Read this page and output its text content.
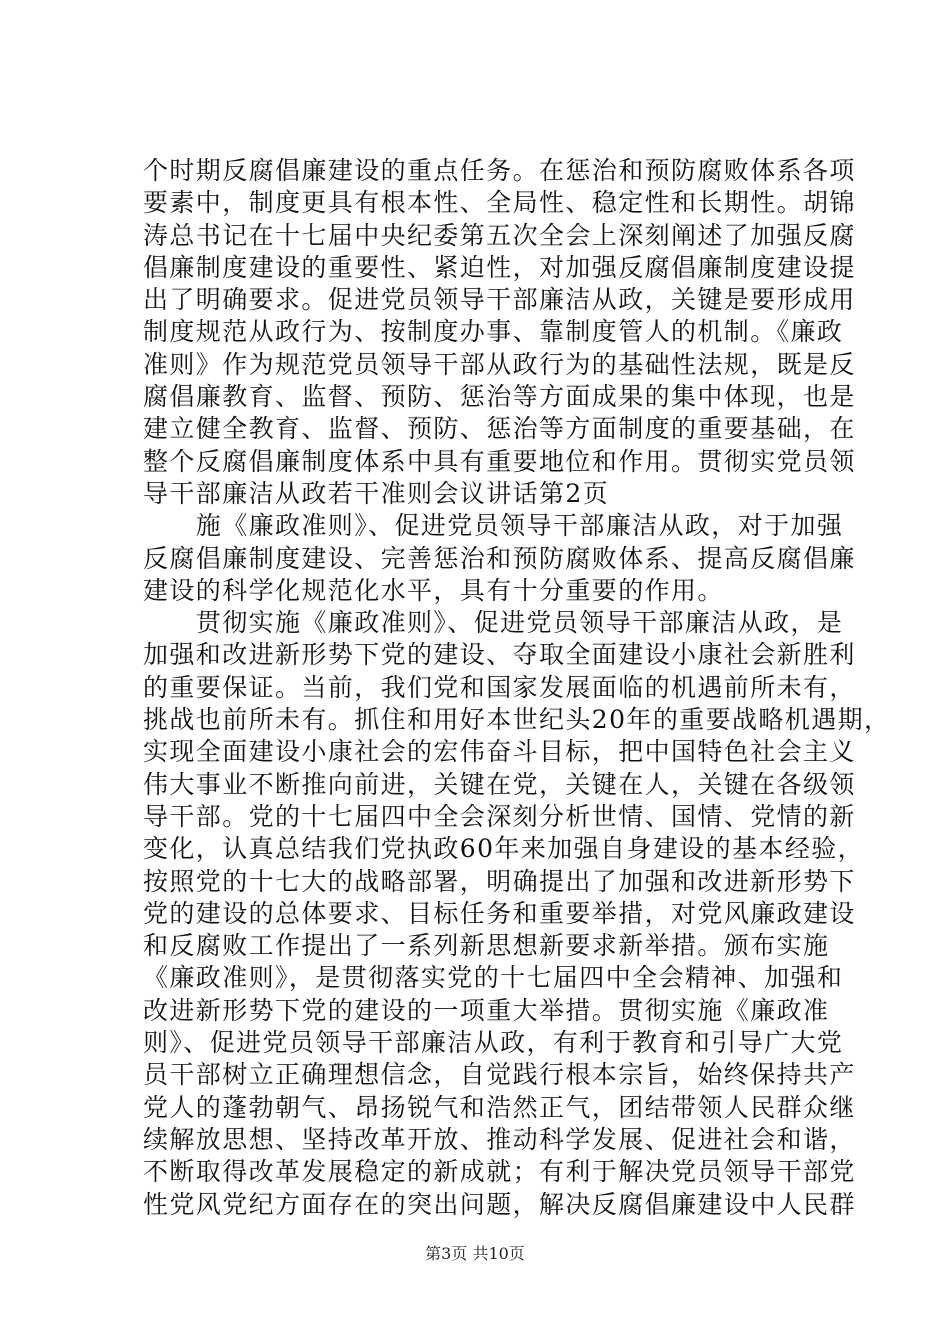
个时期反腐倡廉建设的重点任务。在惩治和预防腐败体系各项
要素中，制度更具有根本性、全局性、稳定性和长期性。胡锦
涛总书记在十七届中央纪委第五次全会上深刻阐述了加强反腐
倡廉制度建设的重要性、紧迫性，对加强反腐倡廉制度建设提
出了明确要求。促进党员领导干部廉洁从政，关键是要形成用
制度规范从政行为、按制度办事、靠制度管人的机制。《廉政
准则》作为规范党员领导干部从政行为的基础性法规，既是反
腐倡廉教育、监督、预防、惩治等方面成果的集中体现，也是
建立健全教育、监督、预防、惩治等方面制度的重要基础，在
整个反腐倡廉制度体系中具有重要地位和作用。贯彻实党员领
导干部廉洁从政若干准则会议讲话第2页
　　施《廉政准则》、促进党员领导干部廉洁从政，对于加强
反腐倡廉制度建设、完善惩治和预防腐败体系、提高反腐倡廉
建设的科学化规范化水平，具有十分重要的作用。
　　贯彻实施《廉政准则》、促进党员领导干部廉洁从政，是
加强和改进新形势下党的建设、夺取全面建设小康社会新胜利
的重要保证。当前，我们党和国家发展面临的机遇前所未有，
挑战也前所未有。抓住和用好本世纪头20年的重要战略机遇期，
实现全面建设小康社会的宏伟奋斗目标，把中国特色社会主义
伟大事业不断推向前进，关键在党，关键在人，关键在各级领
导干部。党的十七届四中全会深刻分析世情、国情、党情的新
变化，认真总结我们党执政60年来加强自身建设的基本经验，
按照党的十七大的战略部署，明确提出了加强和改进新形势下
党的建设的总体要求、目标任务和重要举措，对党风廉政建设
和反腐败工作提出了一系列新思想新要求新举措。颁布实施
《廉政准则》，是贯彻落实党的十七届四中全会精神、加强和
改进新形势下党的建设的一项重大举措。贯彻实施《廉政准
则》、促进党员领导干部廉洁从政，有利于教育和引导广大党
员干部树立正确理想信念，自觉践行根本宗旨，始终保持共产
党人的蓬勃朝气、昂扬锐气和浩然正气，团结带领人民群众继
续解放思想、坚持改革开放、推动科学发展、促进社会和谐，
不断取得改革发展稳定的新成就；有利于解决党员领导干部党
性党风党纪方面存在的突出问题，解决反腐倡廉建设中人民群
第3页 共10页
